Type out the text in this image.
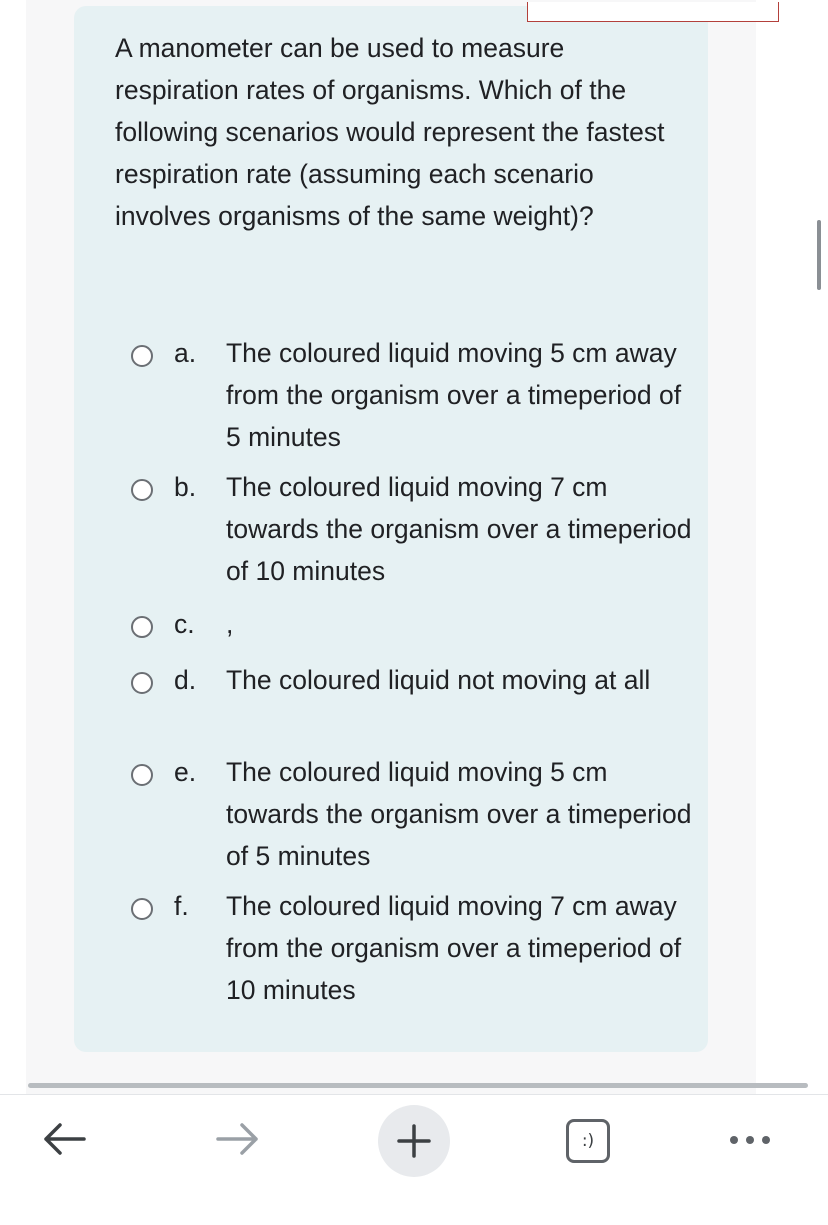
A manometer can be used to measure respiration rates of organisms. Which of the following scenarios would represent the fastest respiration rate (assuming each scenario involves organisms of the same weight)?

a. The coloured liquid moving 5 cm away from the organism over a timeperiod of 5 minutes
b. The coloured liquid moving 7 cm towards the organism over a timeperiod of 10 minutes
c. ,
d. The coloured liquid not moving at all
e. The coloured liquid moving 5 cm towards the organism over a timeperiod of 5 minutes
f. The coloured liquid moving 7 cm away from the organism over a timeperiod of 10 minutes
:)
